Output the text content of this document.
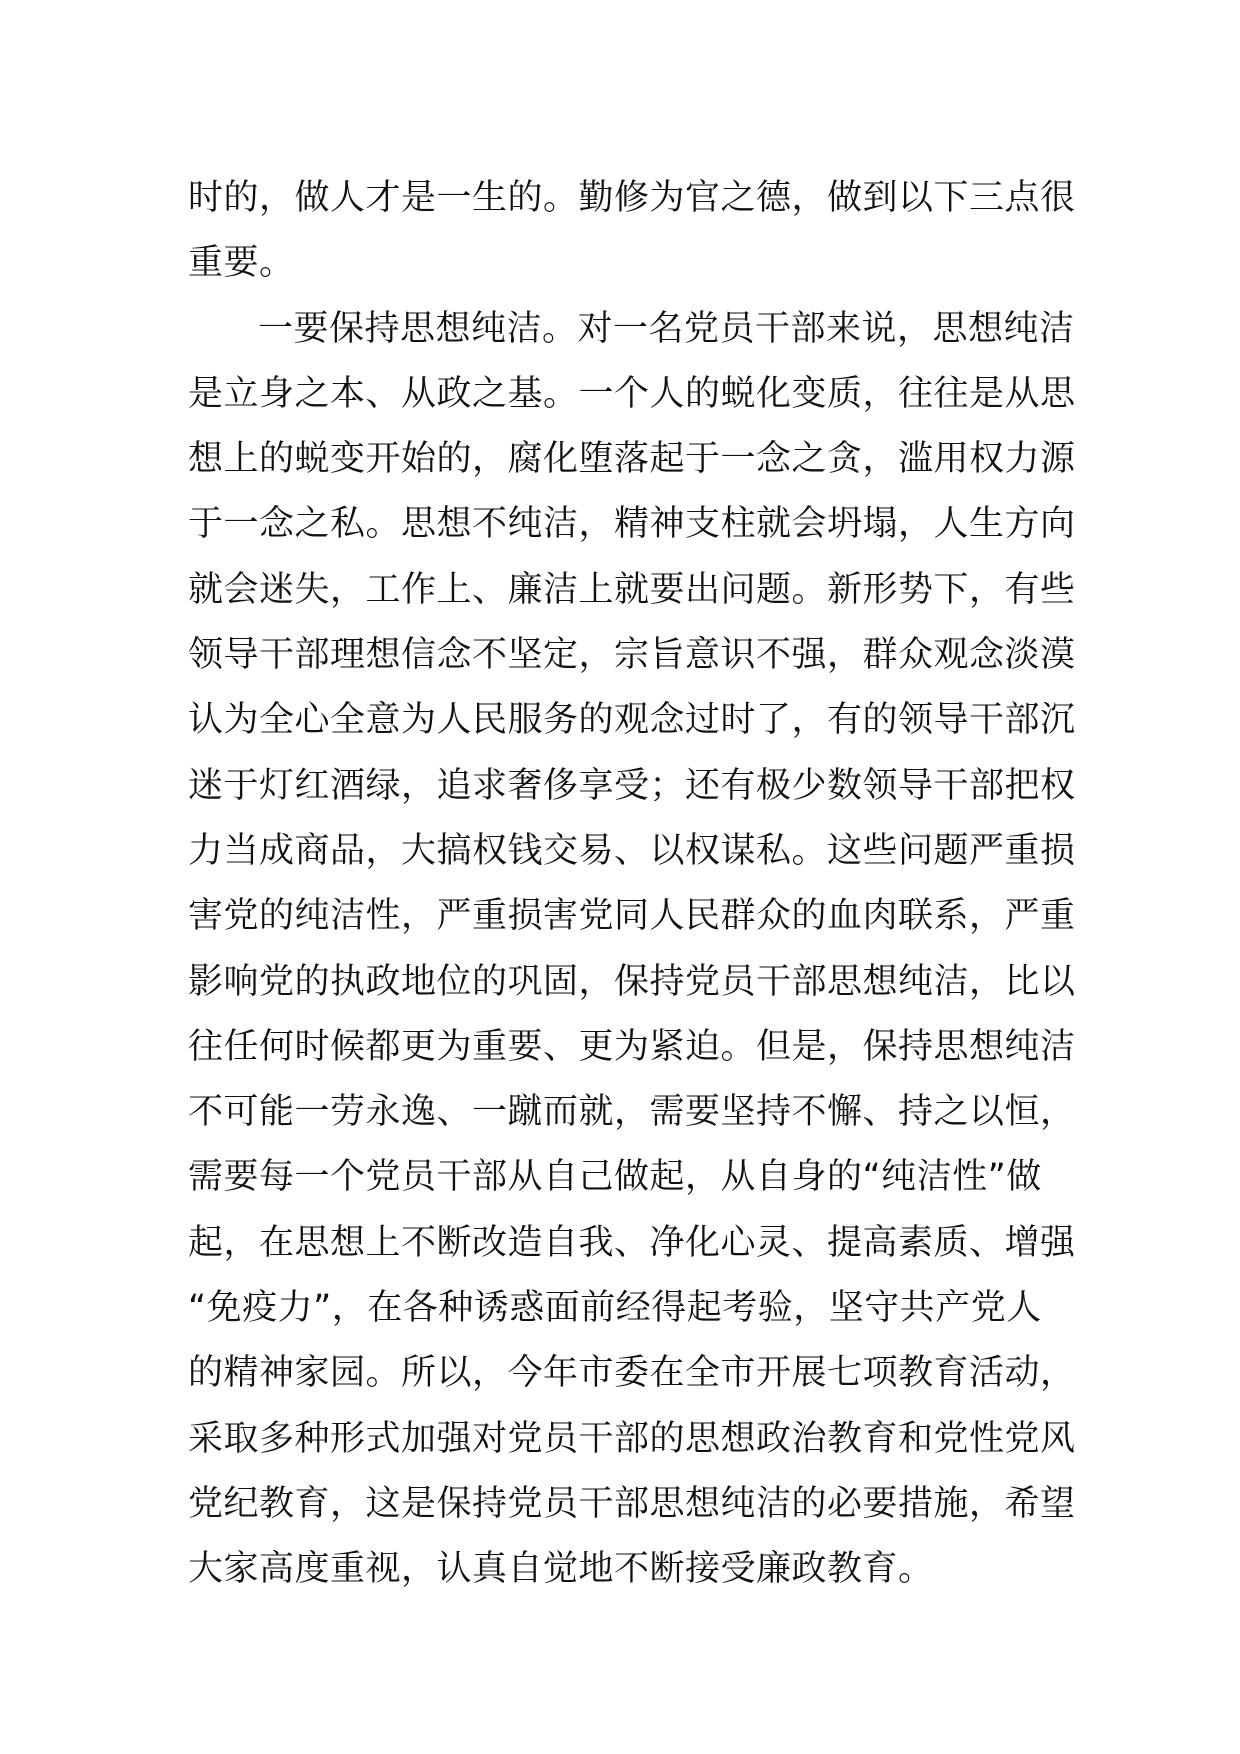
时的，做人才是一生的。勤修为官之德，做到以下三点很
重要。
一要保持思想纯洁。对一名党员干部来说，思想纯洁
是立身之本、从政之基。一个人的蜕化变质，往往是从思
想上的蜕变开始的，腐化堕落起于一念之贪，滥用权力源
于一念之私。思想不纯洁，精神支柱就会坍塌，人生方向
就会迷失，工作上、廉洁上就要出问题。新形势下，有些
领导干部理想信念不坚定，宗旨意识不强，群众观念淡漠
认为全心全意为人民服务的观念过时了，有的领导干部沉
迷于灯红酒绿，追求奢侈享受；还有极少数领导干部把权
力当成商品，大搞权钱交易、以权谋私。这些问题严重损
害党的纯洁性，严重损害党同人民群众的血肉联系，严重
影响党的执政地位的巩固，保持党员干部思想纯洁，比以
往任何时候都更为重要、更为紧迫。但是，保持思想纯洁
不可能一劳永逸、一蹴而就，需要坚持不懈、持之以恒，
需要每一个党员干部从自己做起，从自身的“纯洁性”做
起，在思想上不断改造自我、净化心灵、提高素质、增强
“免疫力”，在各种诱惑面前经得起考验，坚守共产党人
的精神家园。所以，今年市委在全市开展七项教育活动，
采取多种形式加强对党员干部的思想政治教育和党性党风
党纪教育，这是保持党员干部思想纯洁的必要措施，希望
大家高度重视，认真自觉地不断接受廉政教育。
